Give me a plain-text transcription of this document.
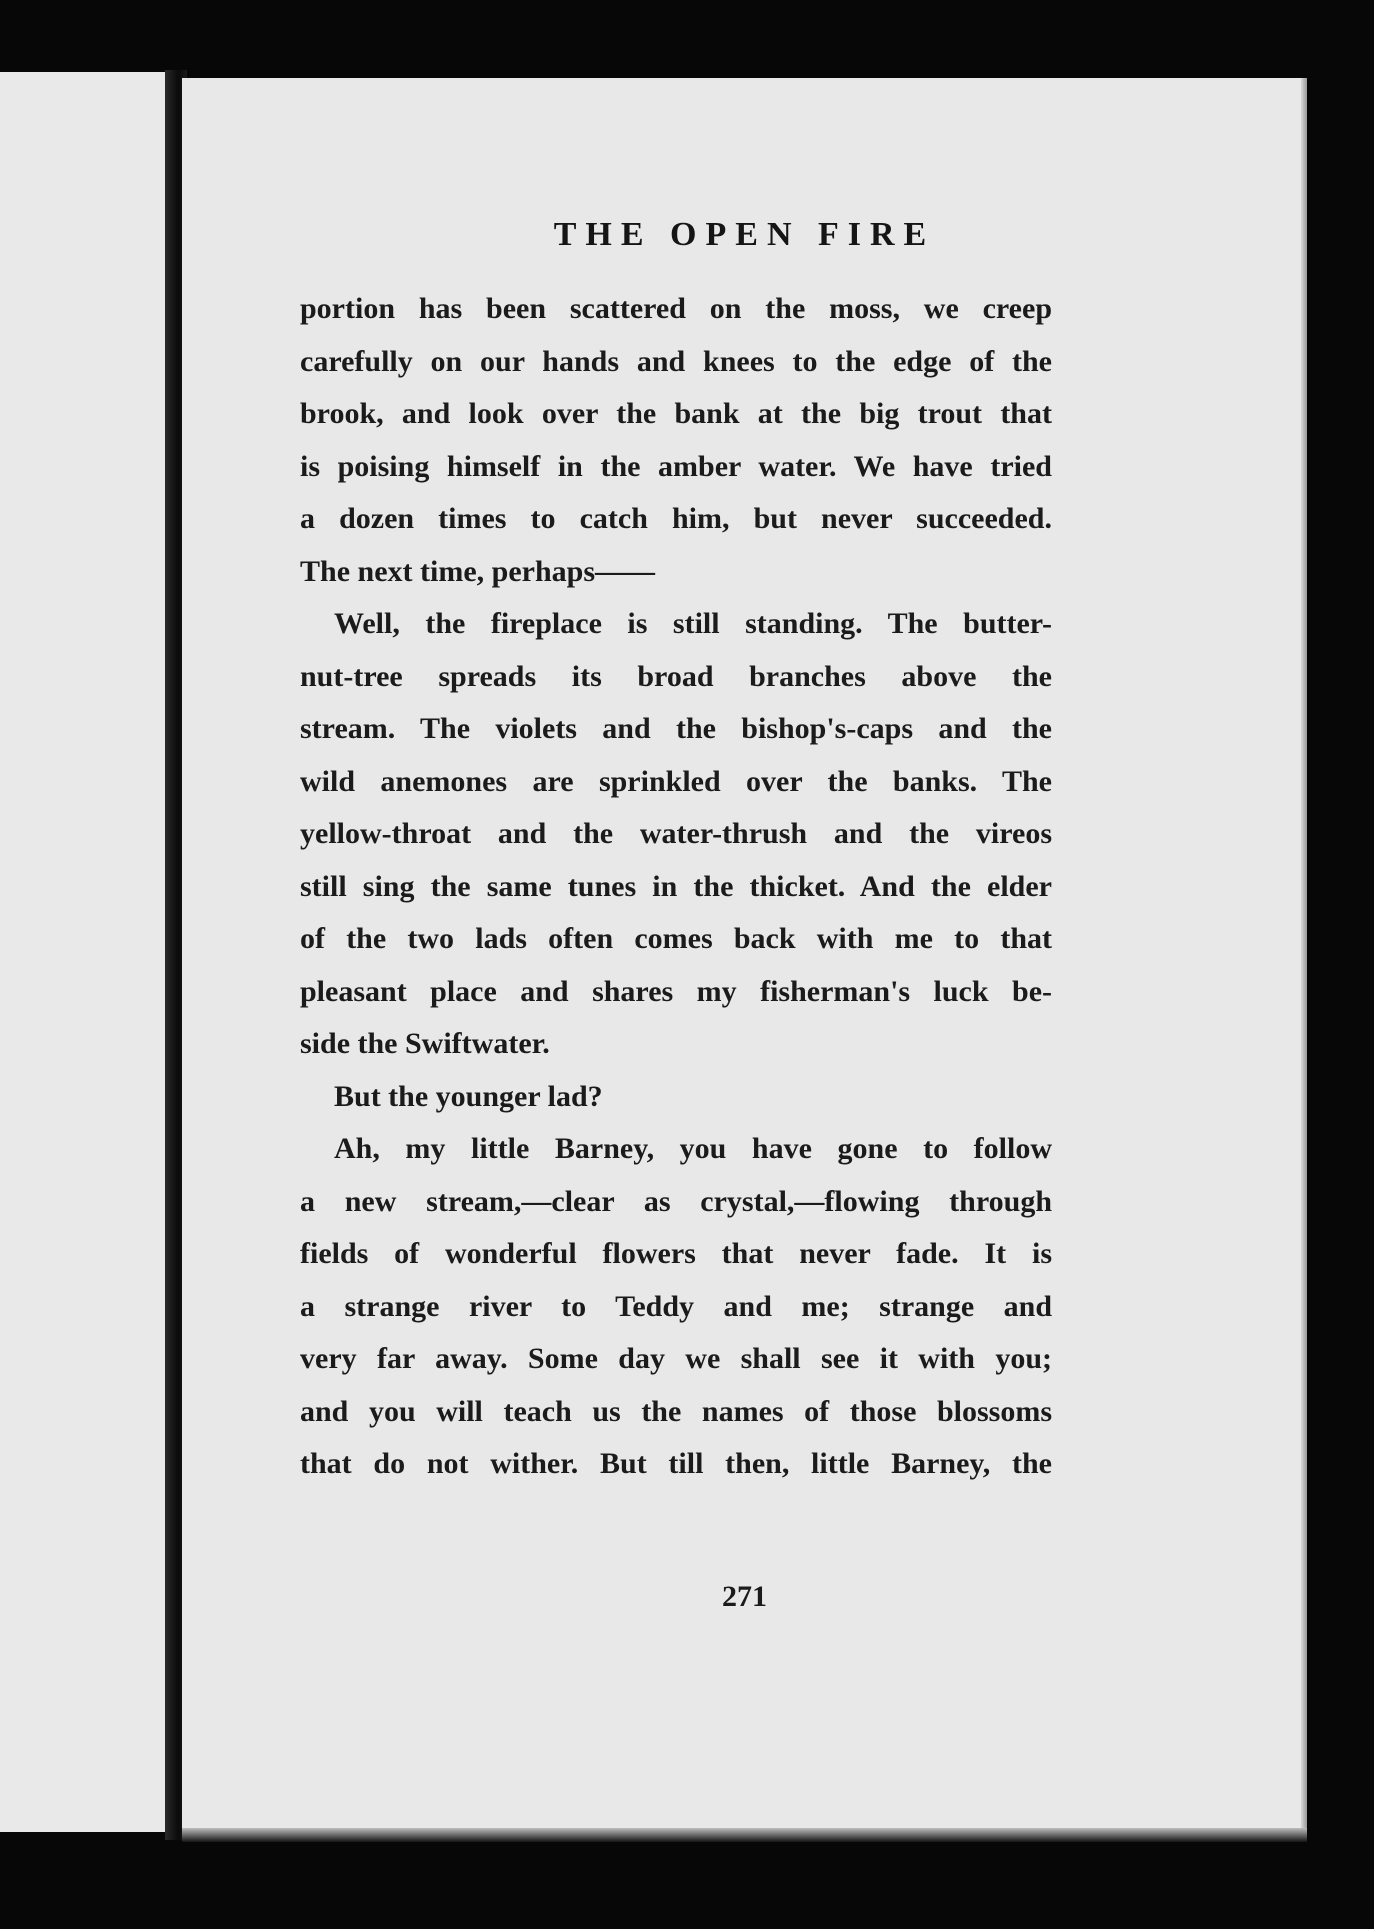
THE OPEN FIRE
portion has been scattered on the moss, we creep
carefully on our hands and knees to the edge of the
brook, and look over the bank at the big trout that
is poising himself in the amber water. We have tried
a dozen times to catch him, but never succeeded.
The next time, perhaps——
Well, the fireplace is still standing. The butter-
nut-tree spreads its broad branches above the
stream. The violets and the bishop's-caps and the
wild anemones are sprinkled over the banks. The
yellow-throat and the water-thrush and the vireos
still sing the same tunes in the thicket. And the elder
of the two lads often comes back with me to that
pleasant place and shares my fisherman's luck be-
side the Swiftwater.
But the younger lad?
Ah, my little Barney, you have gone to follow
a new stream,—clear as crystal,—flowing through
fields of wonderful flowers that never fade. It is
a strange river to Teddy and me; strange and
very far away. Some day we shall see it with you;
and you will teach us the names of those blossoms
that do not wither. But till then, little Barney, the
271
